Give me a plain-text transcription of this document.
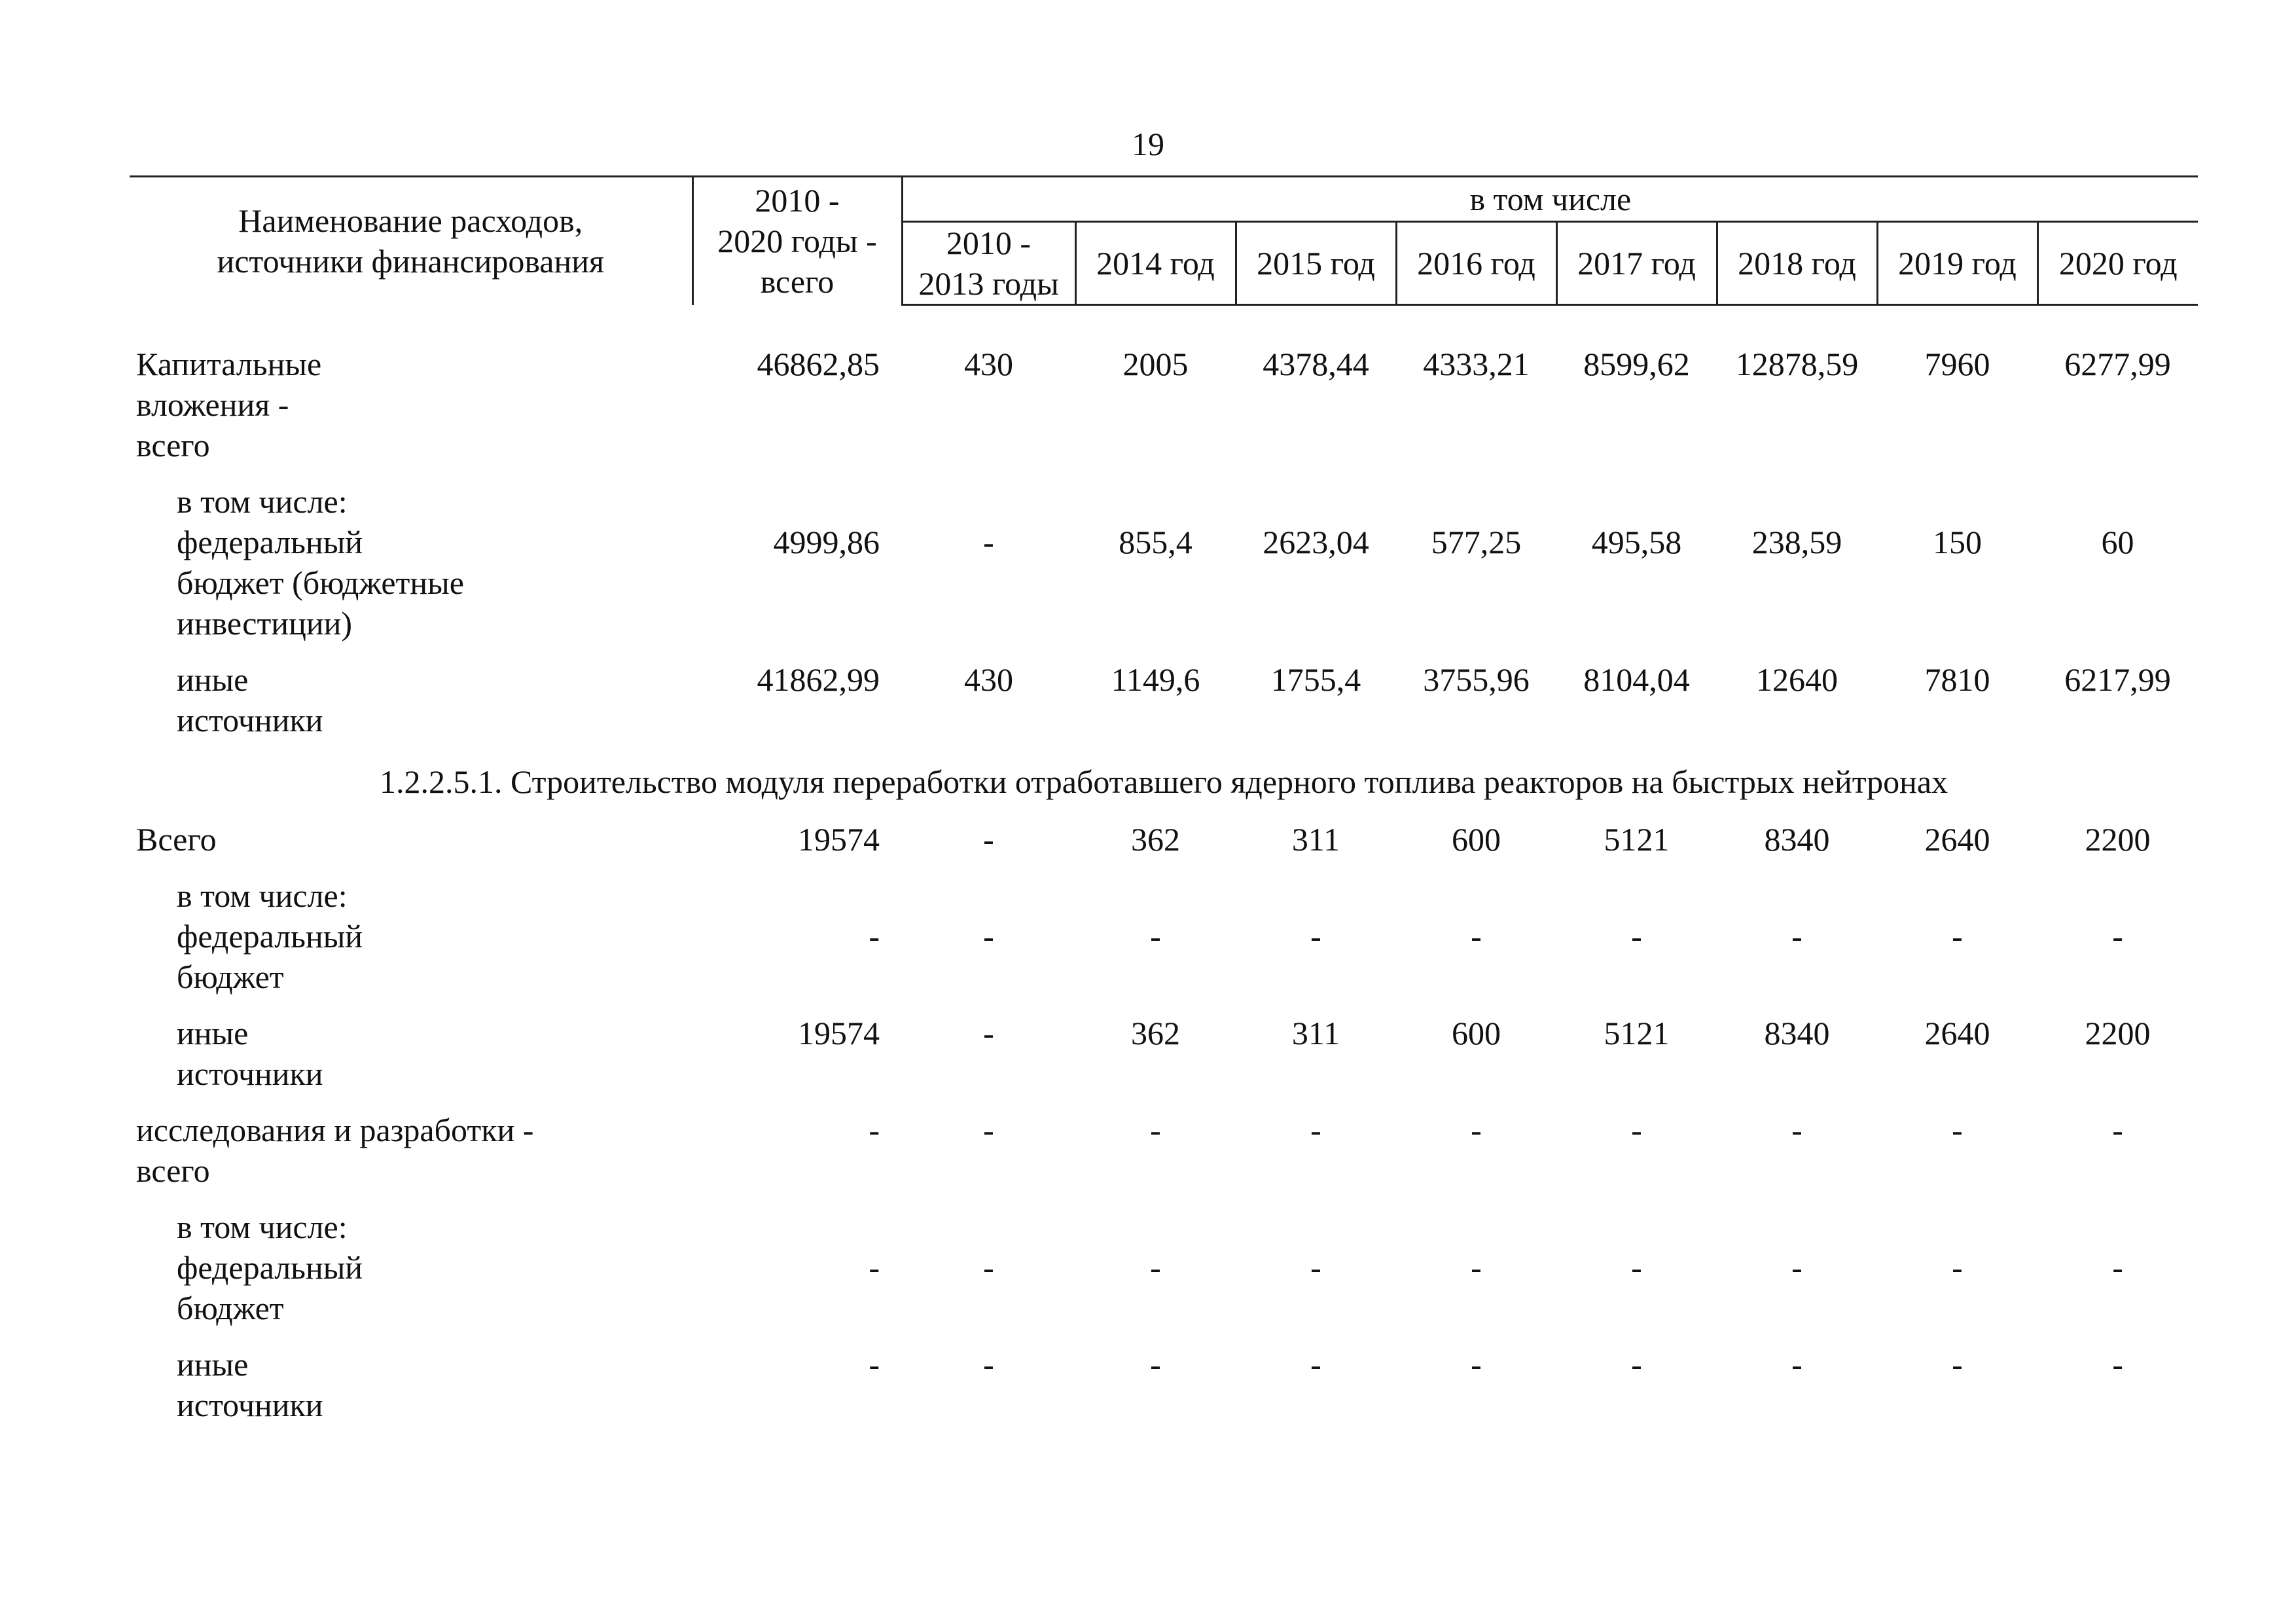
19
Наименование расходов,
источники финансирования	2010 -
2020 годы -
всего	в том числе							
		2010 -
2013 годы	2014 год	2015 год	2016 год	2017 год	2018 год	2019 год	2020 год

Капитальные
вложения -
всего	46862,85	430	2005	4378,44	4333,21	8599,62	12878,59	7960	6277,99

в том числе:
федеральный
бюджет (бюджетные
инвестиции)	4999,86	-	855,4	2623,04	577,25	495,58	238,59	150	60

иные
источники	41862,99	430	1149,6	1755,4	3755,96	8104,04	12640	7810	6217,99

1.2.2.5.1. Строительство модуля переработки отработавшего ядерного топлива реакторов на быстрых нейтронах									
Всего	19574	-	362	311	600	5121	8340	2640	2200

в том числе:
федеральный
бюджет	-	-	-	-	-	-	-	-	-

иные
источники	19574	-	362	311	600	5121	8340	2640	2200

исследования и разработки -
всего	-	-	-	-	-	-	-	-	-

в том числе:
федеральный
бюджет	-	-	-	-	-	-	-	-	-

иные
источники	-	-	-	-	-	-	-	-	-
